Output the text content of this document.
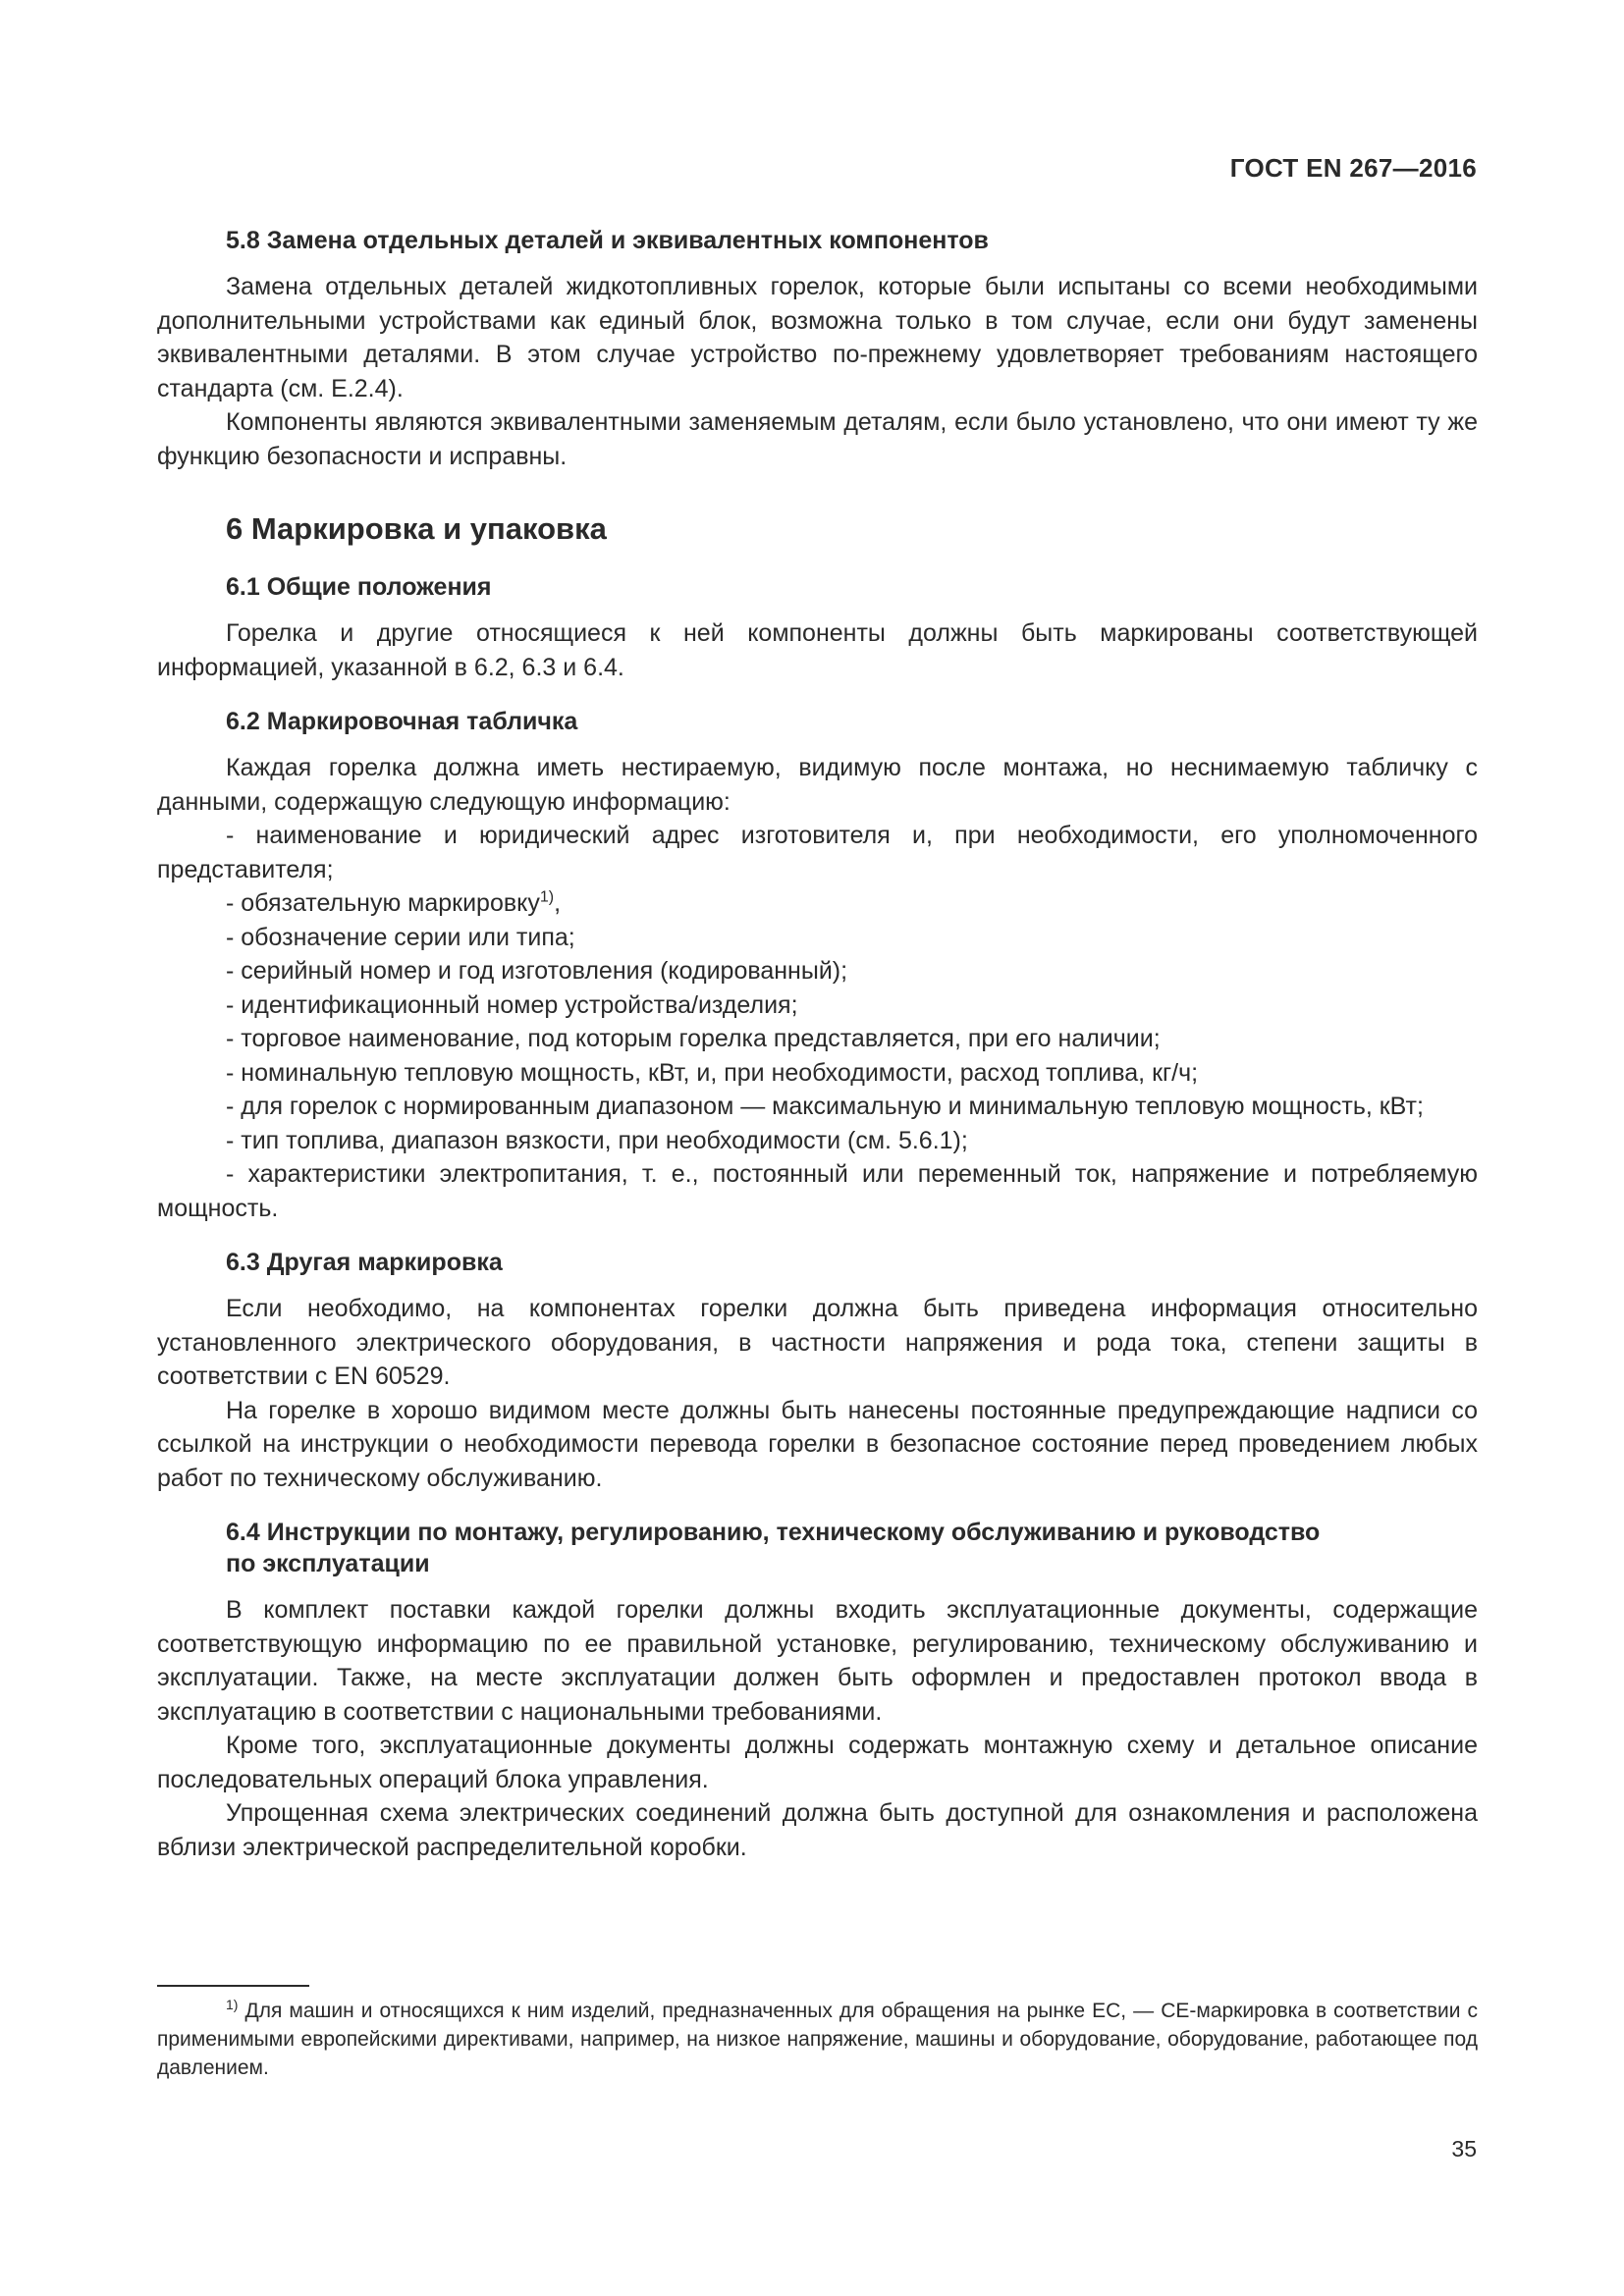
ГОСТ EN 267—2016
5.8 Замена отдельных деталей и эквивалентных компонентов

Замена отдельных деталей жидкотопливных горелок, которые были испытаны со всеми необходимыми дополнительными устройствами как единый блок, возможна только в том случае, если они будут заменены эквивалентными деталями. В этом случае устройство по-прежнему удовлетворяет требованиям настоящего стандарта (см. Е.2.4).

Компоненты являются эквивалентными заменяемым деталям, если было установлено, что они имеют ту же функцию безопасности и исправны.

6 Маркировка и упаковка
6.1 Общие положения

Горелка и другие относящиеся к ней компоненты должны быть маркированы соответствующей информацией, указанной в 6.2, 6.3 и 6.4.

6.2 Маркировочная табличка

Каждая горелка должна иметь нестираемую, видимую после монтажа, но неснимаемую табличку с данными, содержащую следующую информацию:

- наименование и юридический адрес изготовителя и, при необходимости, его уполномоченного представителя;

- обязательную маркировку$^{1)}$,

- обозначение серии или типа;

- серийный номер и год изготовления (кодированный);

- идентификационный номер устройства/изделия;

- торговое наименование, под которым горелка представляется, при его наличии;

- номинальную тепловую мощность, кВт, и, при необходимости, расход топлива, кг/ч;

- для горелок с нормированным диапазоном — максимальную и минимальную тепловую мощность, кВт;

- тип топлива, диапазон вязкости, при необходимости (см. 5.6.1);

- характеристики электропитания, т. е., постоянный или переменный ток, напряжение и потребляемую мощность.

6.3 Другая маркировка

Если необходимо, на компонентах горелки должна быть приведена информация относительно установленного электрического оборудования, в частности напряжения и рода тока, степени защиты в соответствии с EN 60529.

На горелке в хорошо видимом месте должны быть нанесены постоянные предупреждающие надписи со ссылкой на инструкции о необходимости перевода горелки в безопасное состояние перед проведением любых работ по техническому обслуживанию.

6.4 Инструкции по монтажу, регулированию, техническому обслуживанию и руководство
по эксплуатации

В комплект поставки каждой горелки должны входить эксплуатационные документы, содержащие соответствующую информацию по ее правильной установке, регулированию, техническому обслуживанию и эксплуатации. Также, на месте эксплуатации должен быть оформлен и предоставлен протокол ввода в эксплуатацию в соответствии с национальными требованиями.

Кроме того, эксплуатационные документы должны содержать монтажную схему и детальное описание последовательных операций блока управления.

Упрощенная схема электрических соединений должна быть доступной для ознакомления и расположена вблизи электрической распределительной коробки.

$^{1)}$ Для машин и относящихся к ним изделий, предназначенных для обращения на рынке ЕС, — СЕ-маркировка в соответствии с применимыми европейскими директивами, например, на низкое напряжение, машины и оборудование, оборудование, работающее под давлением.
35
